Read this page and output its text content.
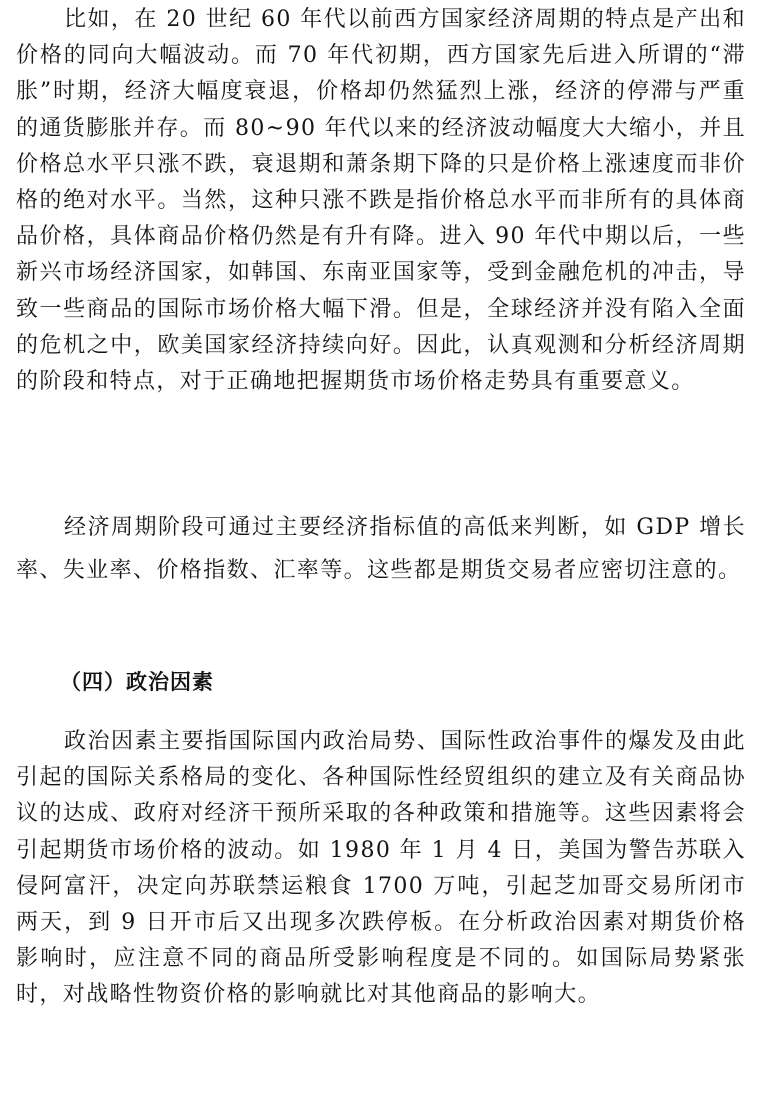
比如，在 20 世纪 60 年代以前西方国家经济周期的特点是产出和价格的同向大幅波动。而 70 年代初期，西方国家先后进入所谓的“滞胀”时期，经济大幅度衰退，价格却仍然猛烈上涨，经济的停滞与严重的通货膨胀并存。而 80~90 年代以来的经济波动幅度大大缩小，并且价格总水平只涨不跌，衰退期和萧条期下降的只是价格上涨速度而非价格的绝对水平。当然，这种只涨不跌是指价格总水平而非所有的具体商品价格，具体商品价格仍然是有升有降。进入 90 年代中期以后，一些新兴市场经济国家，如韩国、东南亚国家等，受到金融危机的冲击，导致一些商品的国际市场价格大幅下滑。但是，全球经济并没有陷入全面的危机之中，欧美国家经济持续向好。因此，认真观测和分析经济周期的阶段和特点，对于正确地把握期货市场价格走势具有重要意义。

经济周期阶段可通过主要经济指标值的高低来判断，如 GDP 增长率、失业率、价格指数、汇率等。这些都是期货交易者应密切注意的。

（四）政治因素

政治因素主要指国际国内政治局势、国际性政治事件的爆发及由此引起的国际关系格局的变化、各种国际性经贸组织的建立及有关商品协议的达成、政府对经济干预所采取的各种政策和措施等。这些因素将会引起期货市场价格的波动。如 1980 年 1 月 4 日，美国为警告苏联入侵阿富汗，决定向苏联禁运粮食 1700 万吨，引起芝加哥交易所闭市两天，到 9 日开市后又出现多次跌停板。在分析政治因素对期货价格影响时，应注意不同的商品所受影响程度是不同的。如国际局势紧张时，对战略性物资价格的影响就比对其他商品的影响大。
